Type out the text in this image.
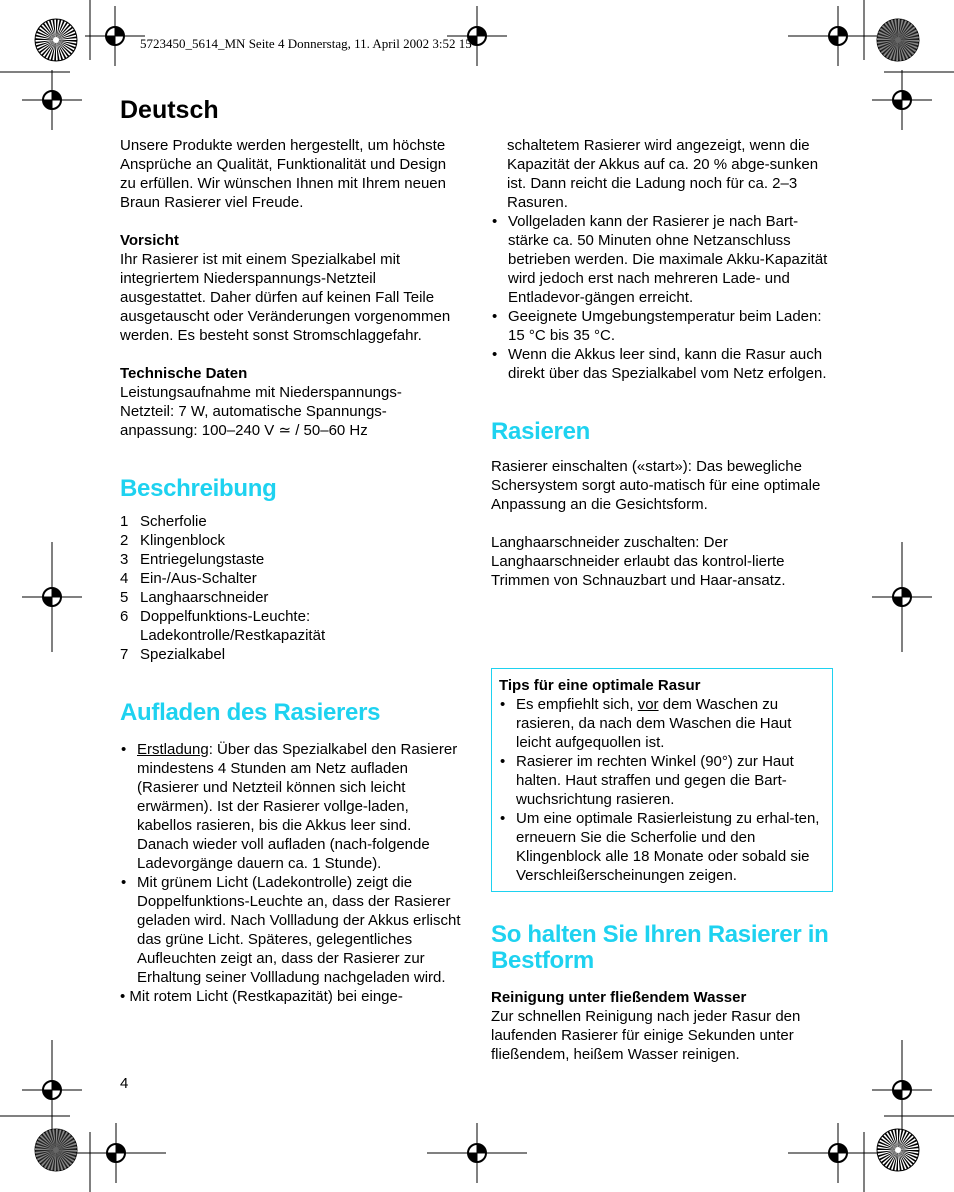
5723450_5614_MN Seite 4 Donnerstag, 11. April 2002 3:52 15
Deutsch

Unsere Produkte werden hergestellt, um höchste Ansprüche an Qualität, Funktionalität und Design zu erfüllen. Wir wünschen Ihnen mit Ihrem neuen Braun Rasierer viel Freude.

Vorsicht

Ihr Rasierer ist mit einem Spezialkabel mit integriertem Niederspannungs-Netzteil ausgestattet. Daher dürfen auf keinen Fall Teile ausgetauscht oder Veränderungen vorgenommen werden. Es besteht sonst Stromschlaggefahr.

Technische Daten

Leistungsaufnahme mit Niederspannungs-Netzteil: 7 W, automatische Spannungs-anpassung: 100–240 V ≃ / 50–60 Hz

Beschreibung
1 Scherfolie
2 Klingenblock
3 Entriegelungstaste
4 Ein-/Aus-Schalter
5 Langhaarschneider
6 Doppelfunktions-Leuchte: Ladekontrolle/Restkapazität
7 Spezialkabel
Aufladen des Rasierers
• Erstladung: Über das Spezialkabel den Rasierer mindestens 4 Stunden am Netz aufladen (Rasierer und Netzteil können sich leicht erwärmen). Ist der Rasierer vollge-laden, kabellos rasieren, bis die Akkus leer sind. Danach wieder voll aufladen (nach-folgende Ladevorgänge dauern ca. 1 Stunde).
• Mit grünem Licht (Ladekontrolle) zeigt die Doppelfunktions-Leuchte an, dass der Rasierer geladen wird. Nach Vollladung der Akkus erlischt das grüne Licht. Späteres, gelegentliches Aufleuchten zeigt an, dass der Rasierer zur Erhaltung seiner Vollladung nachgeladen wird.

• Mit rotem Licht (Restkapazität) bei einge-

schaltetem Rasierer wird angezeigt, wenn die Kapazität der Akkus auf ca. 20 % abge-sunken ist. Dann reicht die Ladung noch für ca. 2–3 Rasuren.

• Vollgeladen kann der Rasierer je nach Bart-stärke ca. 50 Minuten ohne Netzanschluss betrieben werden. Die maximale Akku-Kapazität wird jedoch erst nach mehreren Lade- und Entladevor-gängen erreicht.
• Geeignete Umgebungstemperatur beim Laden: 15 °C bis 35 °C.
• Wenn die Akkus leer sind, kann die Rasur auch direkt über das Spezialkabel vom Netz erfolgen.
Rasieren

Rasierer einschalten («start»): Das bewegliche Schersystem sorgt auto-matisch für eine optimale Anpassung an die Gesichtsform.

Langhaarschneider zuschalten: Der Langhaarschneider erlaubt das kontrol-lierte Trimmen von Schnauzbart und Haar-ansatz.

Tips für eine optimale Rasur

• Es empfiehlt sich, vor dem Waschen zu rasieren, da nach dem Waschen die Haut leicht aufgequollen ist.
• Rasierer im rechten Winkel (90°) zur Haut halten. Haut straffen und gegen die Bart-wuchsrichtung rasieren.
• Um eine optimale Rasierleistung zu erhal-ten, erneuern Sie die Scherfolie und den Klingenblock alle 18 Monate oder sobald sie Verschleißerscheinungen zeigen.
So halten Sie Ihren Rasierer in Bestform

Reinigung unter fließendem Wasser

Zur schnellen Reinigung nach jeder Rasur den laufenden Rasierer für einige Sekunden unter fließendem, heißem Wasser reinigen.

4
